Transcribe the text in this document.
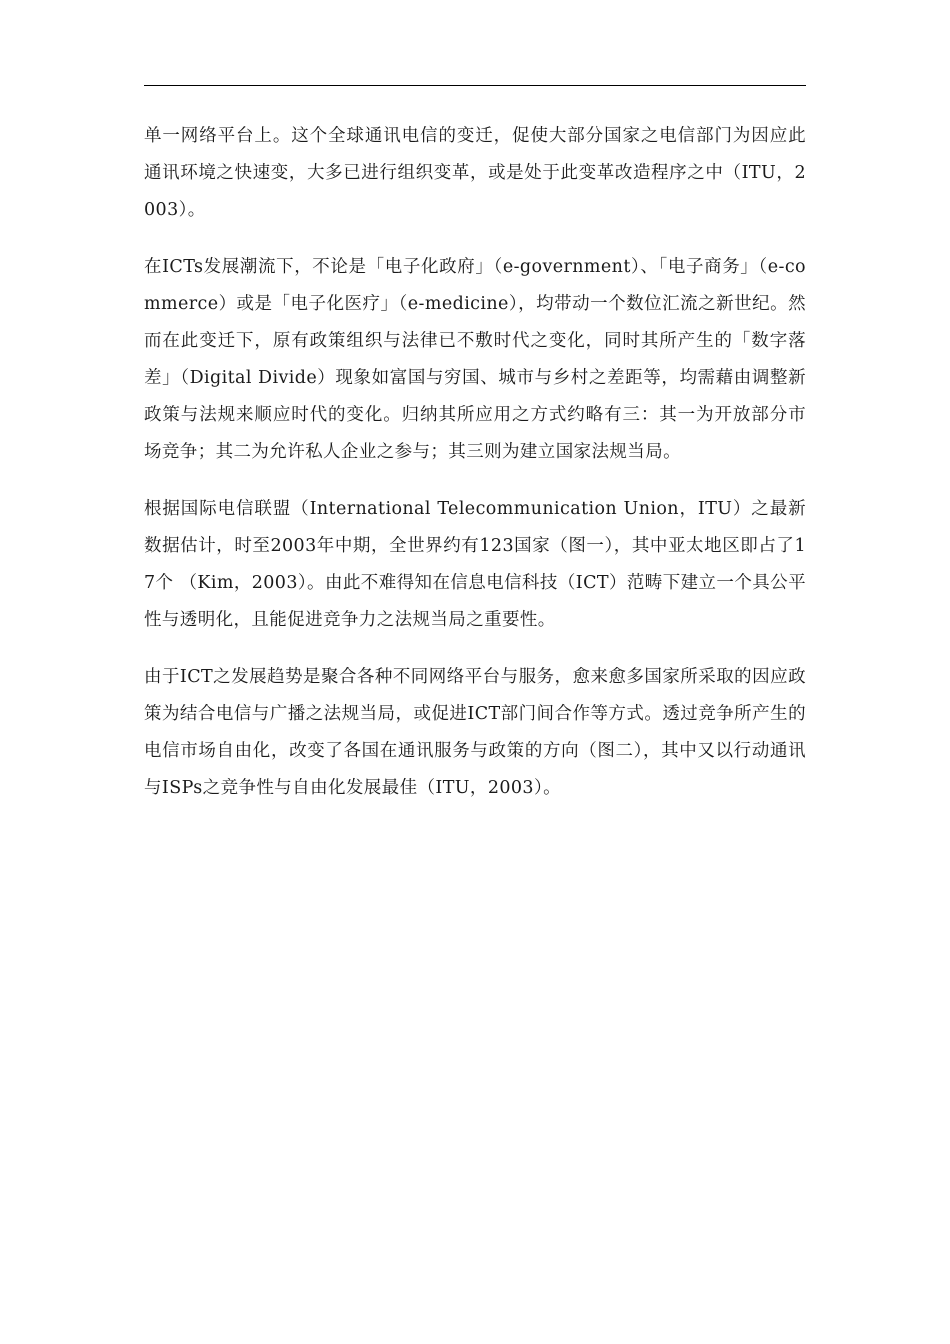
单一网络平台上。这个全球通讯电信的变迁，促使大部分国家之电信部门为因应此通讯环境之快速变，大多已进行组织变革，或是处于此变革改造程序之中（ITU，2003）。

在ICTs发展潮流下，不论是「电子化政府」（e-government）、「电子商务」（e-commerce）或是「电子化医疗」（e-medicine），均带动一个数位汇流之新世纪。然而在此变迁下，原有政策组织与法律已不敷时代之变化，同时其所产生的「数字落差」（Digital Divide）现象如富国与穷国、城市与乡村之差距等，均需藉由调整新政策与法规来顺应时代的变化。归纳其所应用之方式约略有三：其一为开放部分市场竞争；其二为允许私人企业之参与；其三则为建立国家法规当局。

根据国际电信联盟（International Telecommunication Union，ITU）之最新数据估计，时至2003年中期，全世界约有123国家（图一），其中亚太地区即占了17个 （Kim，2003）。由此不难得知在信息电信科技（ICT）范畴下建立一个具公平性与透明化，且能促进竞争力之法规当局之重要性。

由于ICT之发展趋势是聚合各种不同网络平台与服务，愈来愈多国家所采取的因应政策为结合电信与广播之法规当局，或促进ICT部门间合作等方式。透过竞争所产生的电信市场自由化，改变了各国在通讯服务与政策的方向（图二），其中又以行动通讯与ISPs之竞争性与自由化发展最佳（ITU，2003）。
